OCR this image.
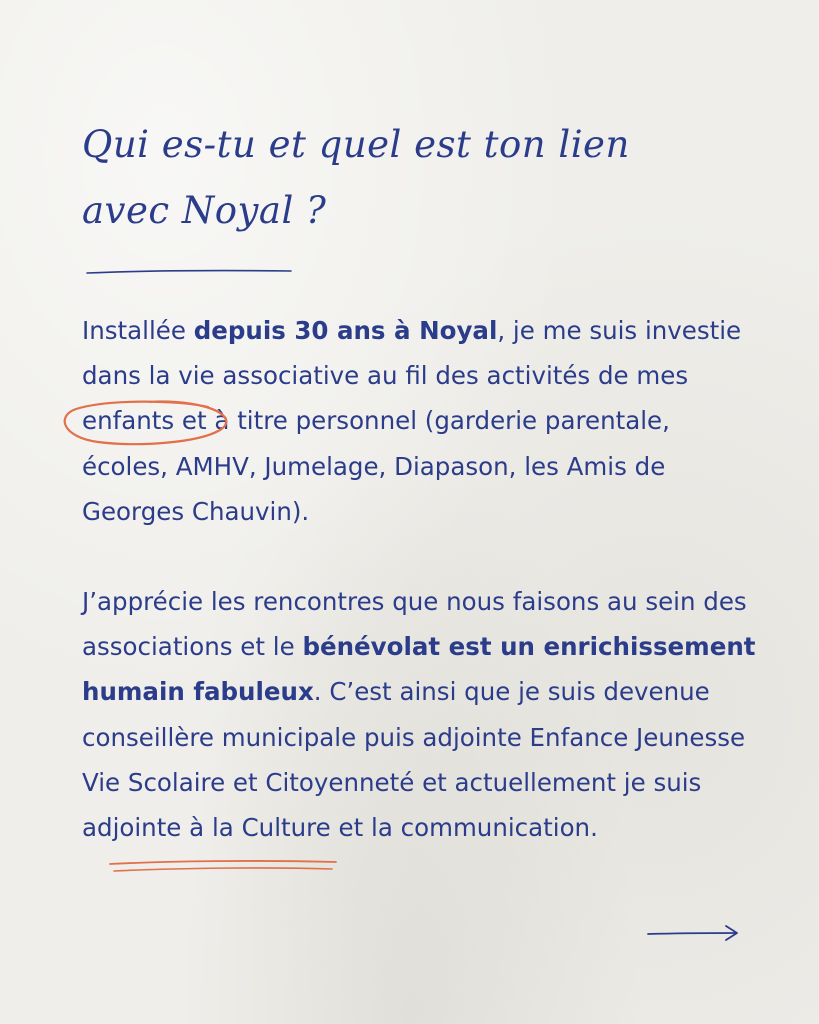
Qui es-tu et quel est ton lien
avec Noyal ?

Installée depuis 30 ans à Noyal, je me suis investie dans la vie associative au fil des activités de mes enfants et à titre personnel (garderie parentale, écoles, AMHV, Jumelage, Diapason, les Amis de Georges Chauvin).

J’apprécie les rencontres que nous faisons au sein des associations et le bénévolat est un enrichissement humain fabuleux. C’est ainsi que je suis devenue conseillère municipale puis adjointe Enfance Jeunesse Vie Scolaire et Citoyenneté et actuellement je suis adjointe à la Culture et la communication.
